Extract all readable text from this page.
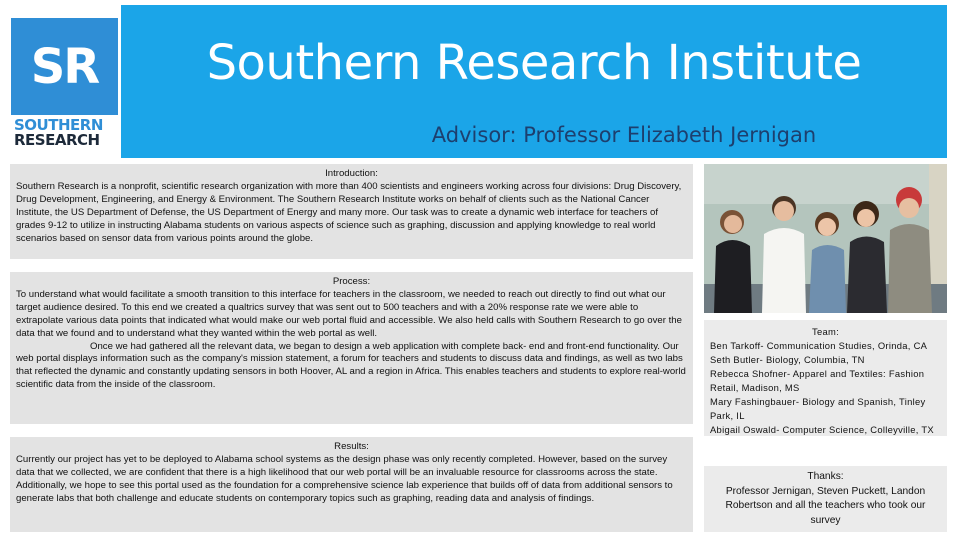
SR
SOUTHERN
RESEARCH
Southern Research Institute
Advisor: Professor Elizabeth Jernigan
Introduction:

Southern Research is a nonprofit, scientific research organization with more than 400 scientists and engineers working across four divisions: Drug Discovery, Drug Development, Engineering, and Energy & Environment. The Southern Research Institute works on behalf of clients such as the National Cancer Institute, the US Department of Defense, the US Department of Energy and many more. Our task was to create a dynamic web interface for teachers of grades 9-12 to utilize in instructing Alabama students on various aspects of science such as graphing, discussion and applying knowledge to real world scenarios based on sensor data from various points around the globe.

Process:

To understand what would facilitate a smooth transition to this interface for teachers in the classroom, we needed to reach out directly to find out what our target audience desired. To this end we created a qualtrics survey that was sent out to 500 teachers and with a 20% response rate we were able to extrapolate various data points that indicated what would make our web portal fluid and accessible. We also held calls with Southern Research to go over the data that we found and to understand what they wanted within the web portal as well.

Once we had gathered all the relevant data, we began to design a web application with complete back- end and front-end functionality. Our web portal displays information such as the company's mission statement, a forum for teachers and students to discuss data and findings, as well as two labs that reflected the dynamic and constantly updating sensors in both Hoover, AL and a region in Africa. This enables teachers and students to explore real-world scientific data from the inside of the classroom.

Results:

Currently our project has yet to be deployed to Alabama school systems as the design phase was only recently completed. However, based on the survey data that we collected, we are confident that there is a high likelihood that our web portal will be an invaluable resource for classrooms across the state. Additionally, we hope to see this portal used as the foundation for a comprehensive science lab experience that builds off of data from additional sensors to generate labs that both challenge and educate students on contemporary topics such as graphing, reading data and analysis of findings.

Team:
Ben Tarkoff- Communication Studies, Orinda, CA
Seth Butler- Biology, Columbia, TN
Rebecca Shofner- Apparel and Textiles: Fashion Retail, Madison, MS
Mary Fashingbauer- Biology and Spanish, Tinley Park, IL
Abigail Oswald- Computer Science, Colleyville, TX
Thanks:
Professor Jernigan, Steven Puckett, Landon Robertson and all the teachers who took our survey
